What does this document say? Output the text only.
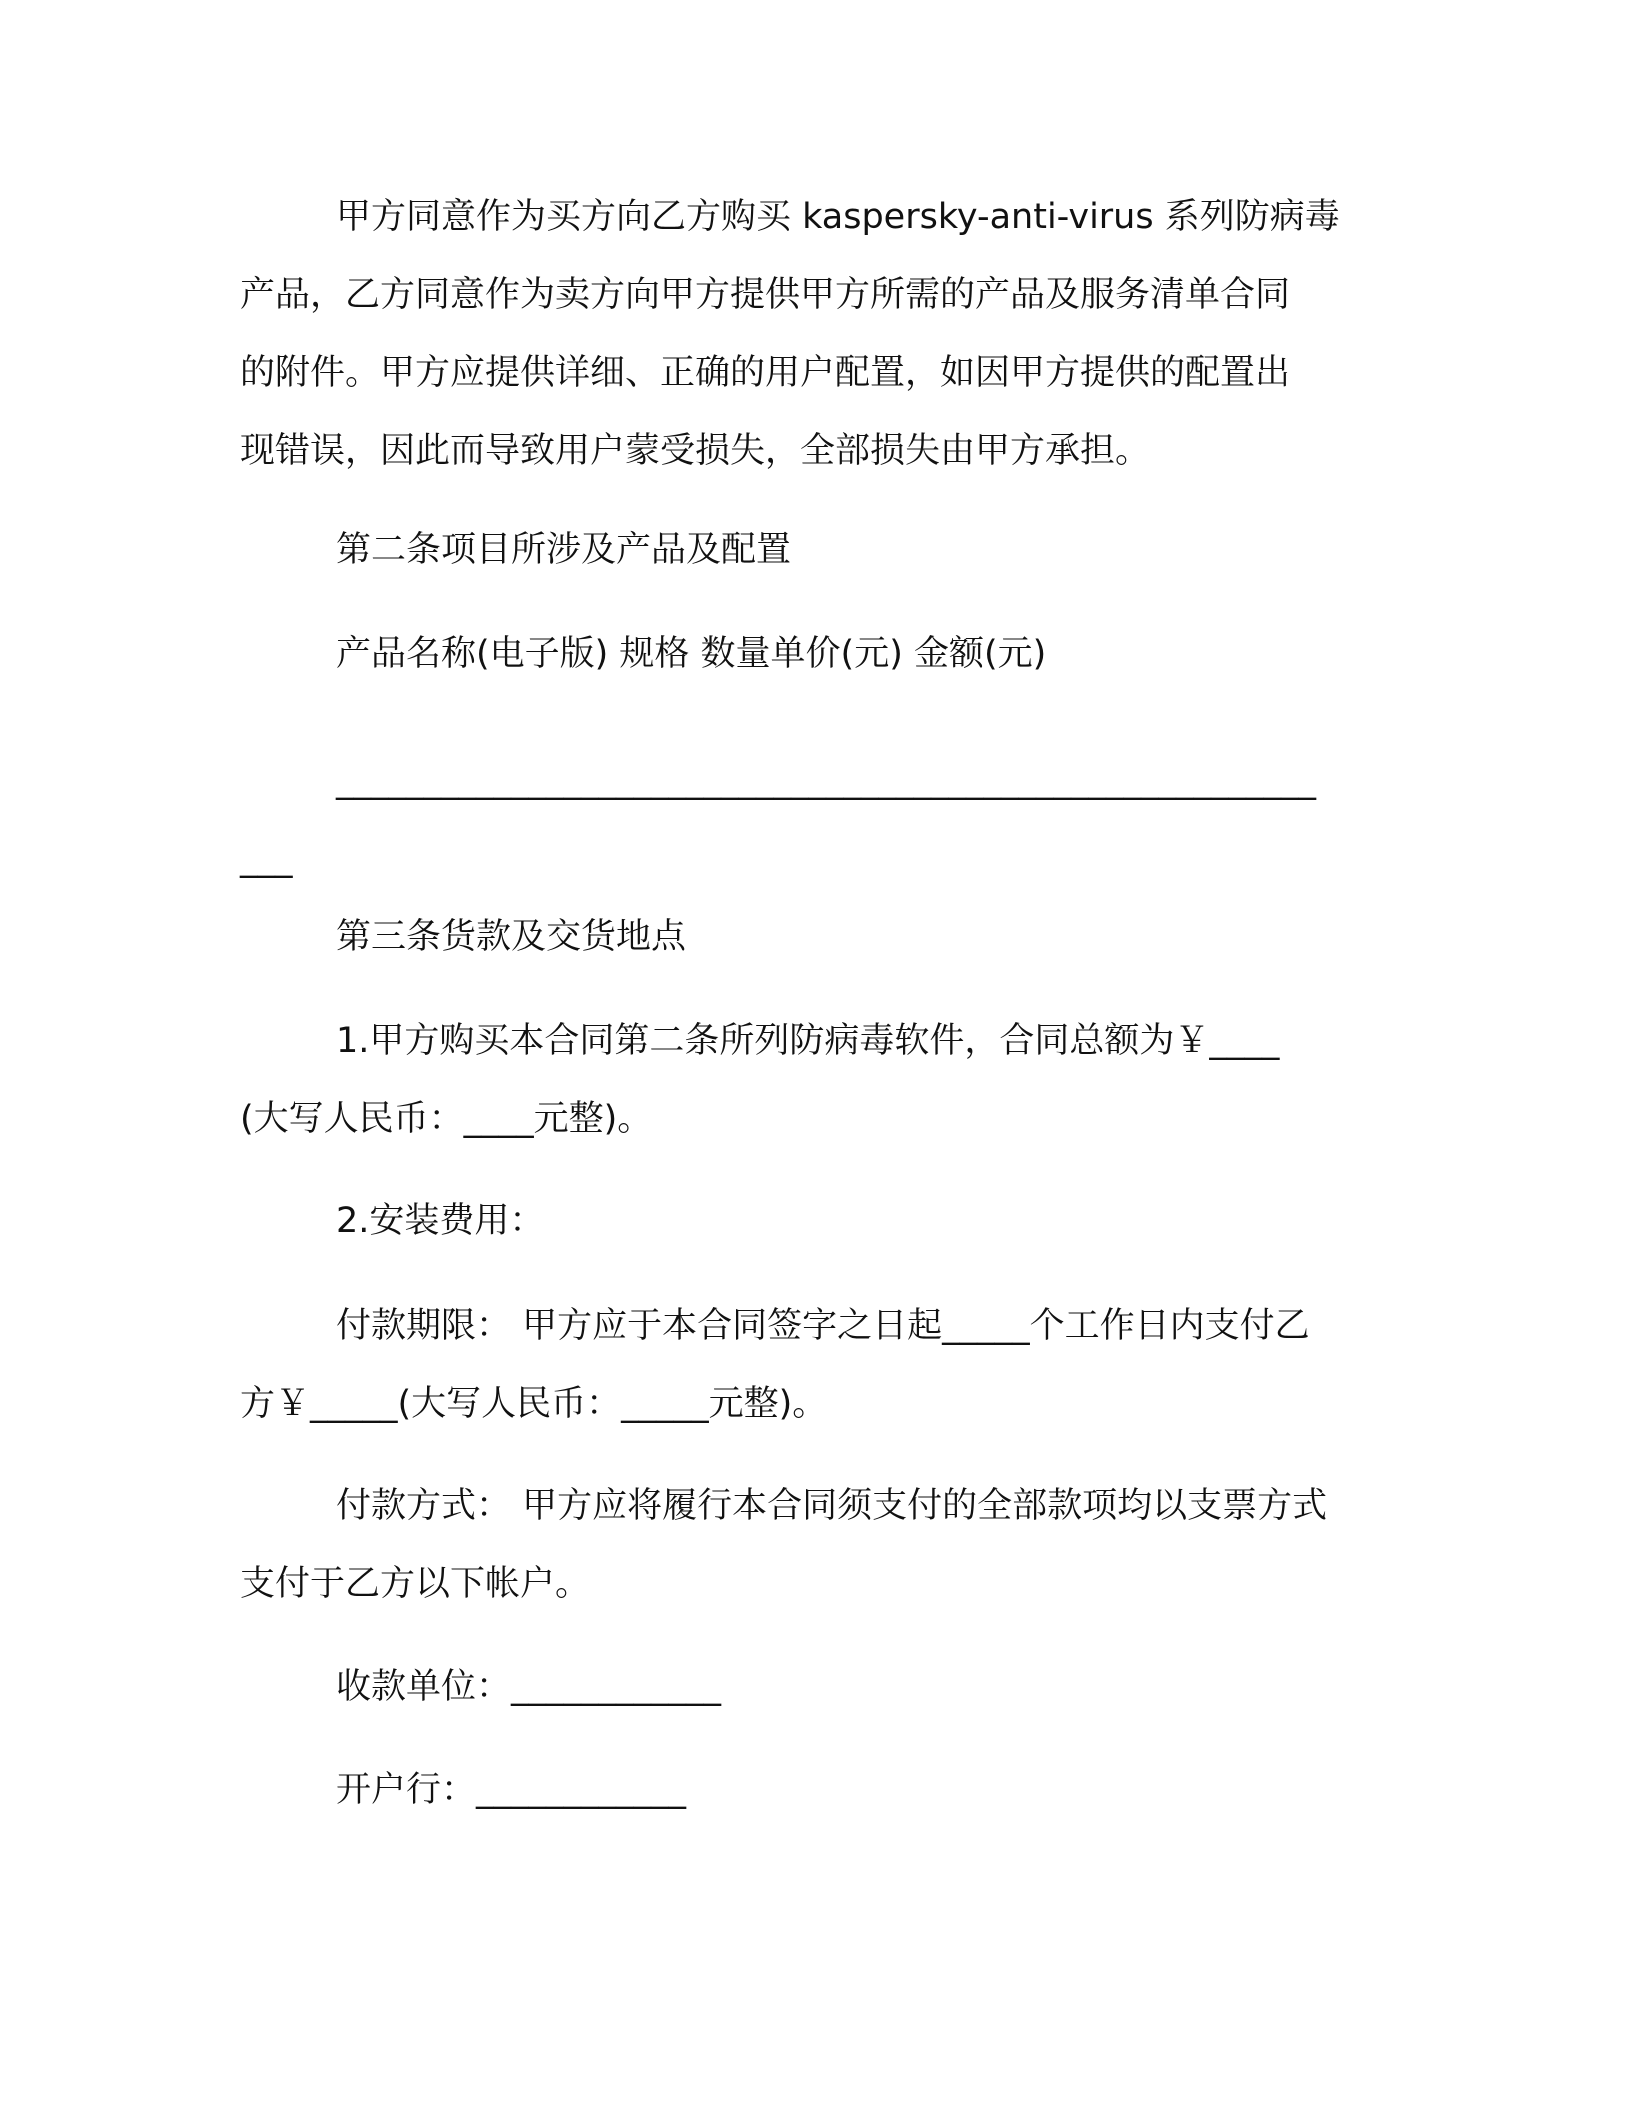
甲方同意作为买方向乙方购买 kaspersky-anti-virus 系列防病毒
产品，乙方同意作为卖方向甲方提供甲方所需的产品及服务清单合同
的附件。甲方应提供详细、正确的用户配置，如因甲方提供的配置出
现错误，因此而导致用户蒙受损失，全部损失由甲方承担。
第二条项目所涉及产品及配置
产品名称(电子版) 规格 数量单价(元) 金额(元)
________________________________________________________
___
第三条货款及交货地点
1.甲方购买本合同第二条所列防病毒软件，合同总额为￥____
(大写人民币：____元整)。
2.安装费用：
付款期限： 甲方应于本合同签字之日起_____个工作日内支付乙
方￥_____(大写人民币：_____元整)。
付款方式： 甲方应将履行本合同须支付的全部款项均以支票方式
支付于乙方以下帐户。
收款单位：____________
开户行：____________
